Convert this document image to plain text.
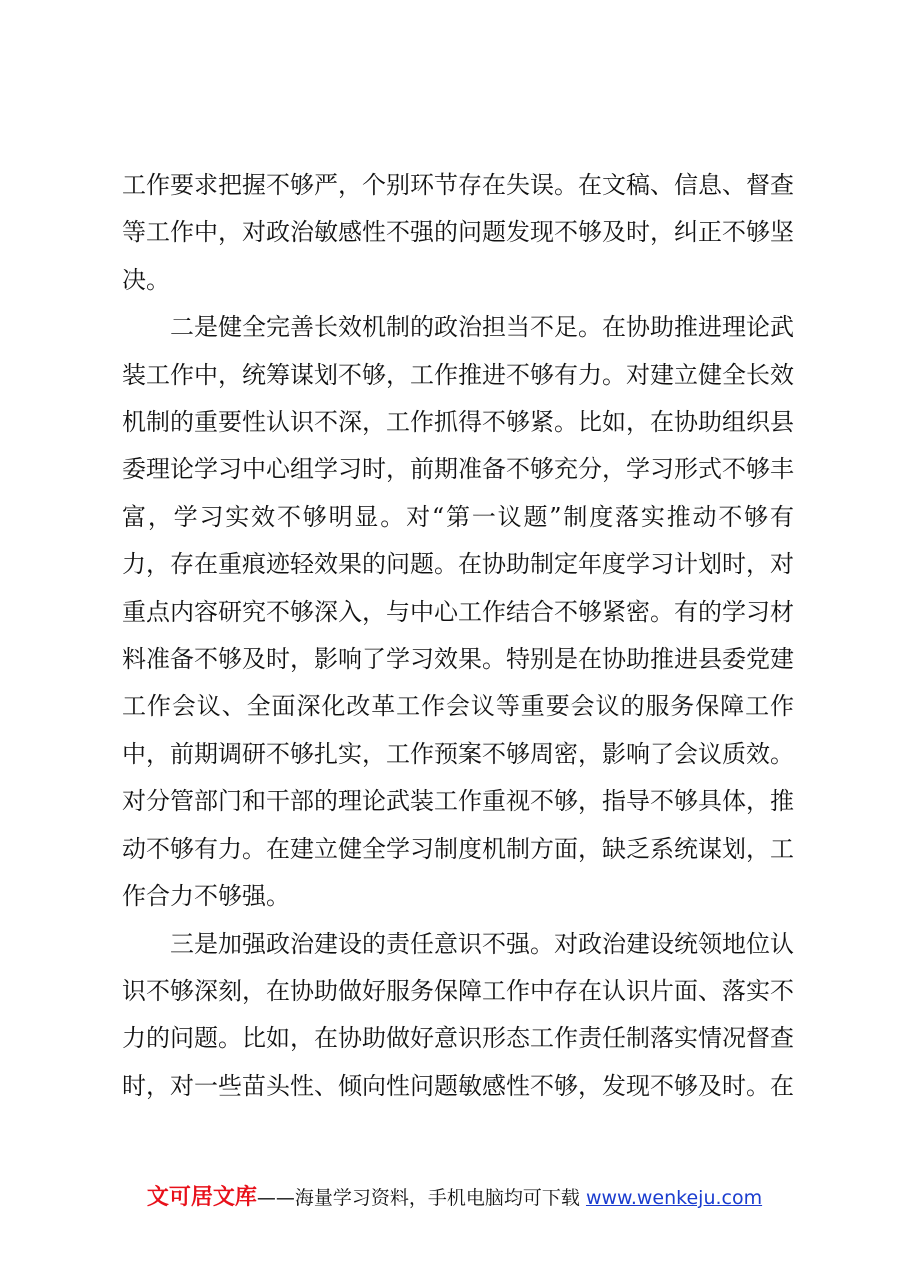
工作要求把握不够严，个别环节存在失误。在文稿、信息、督查等工作中，对政治敏感性不强的问题发现不够及时，纠正不够坚决。

二是健全完善长效机制的政治担当不足。在协助推进理论武装工作中，统筹谋划不够，工作推进不够有力。对建立健全长效机制的重要性认识不深，工作抓得不够紧。比如，在协助组织县委理论学习中心组学习时，前期准备不够充分，学习形式不够丰富，学习实效不够明显。对“第一议题”制度落实推动不够有力，存在重痕迹轻效果的问题。在协助制定年度学习计划时，对重点内容研究不够深入，与中心工作结合不够紧密。有的学习材料准备不够及时，影响了学习效果。特别是在协助推进县委党建工作会议、全面深化改革工作会议等重要会议的服务保障工作中，前期调研不够扎实，工作预案不够周密，影响了会议质效。对分管部门和干部的理论武装工作重视不够，指导不够具体，推动不够有力。在建立健全学习制度机制方面，缺乏系统谋划，工作合力不够强。

三是加强政治建设的责任意识不强。对政治建设统领地位认识不够深刻，在协助做好服务保障工作中存在认识片面、落实不力的问题。比如，在协助做好意识形态工作责任制落实情况督查时，对一些苗头性、倾向性问题敏感性不够，发现不够及时。在

文可居文库——海量学习资料，手机电脑均可下载 www.wenkeju.com
